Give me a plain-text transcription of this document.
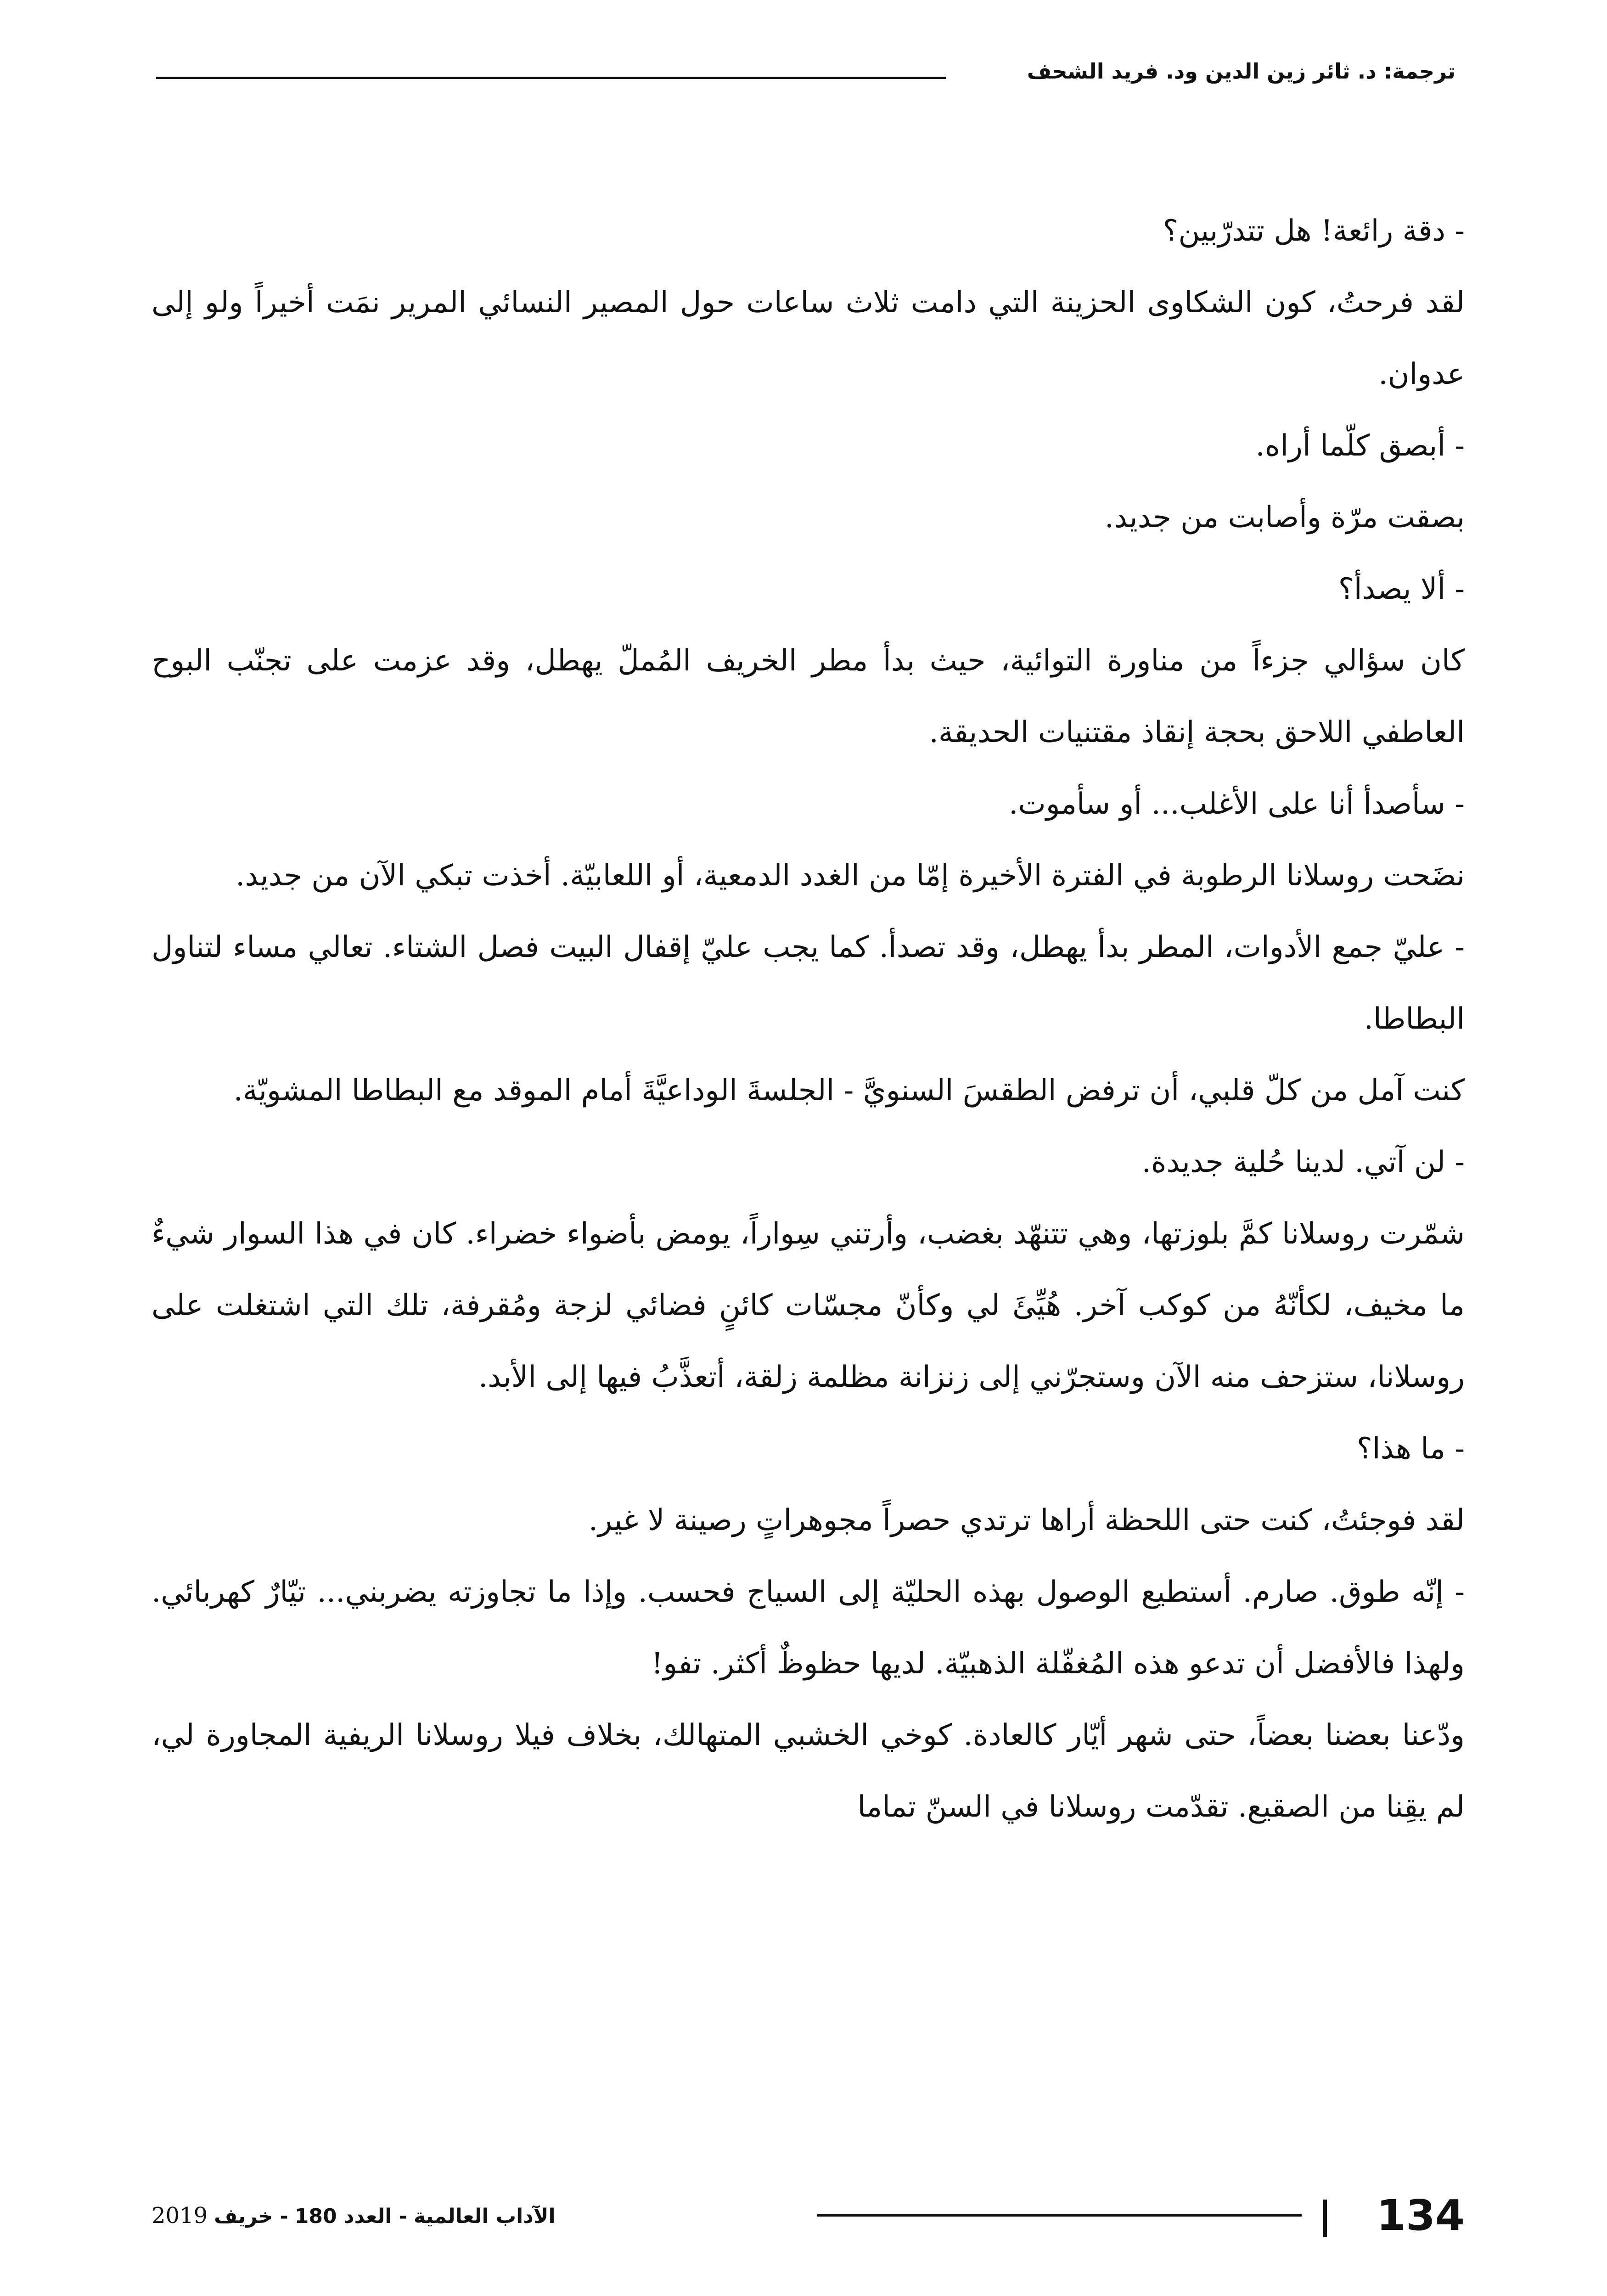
ترجمة: د. ثائر زين الدين ود. فريد الشحف

- دقة رائعة! هل تتدرّبين؟

لقد فرحتُ، كون الشكاوى الحزينة التي دامت ثلاث ساعات حول المصير النسائي المرير نمَت أخيراً ولو إلى عدوان.

- أبصق كلّما أراه.

بصقت مرّة وأصابت من جديد.

- ألا يصدأ؟

كان سؤالي جزءاً من مناورة التوائية، حيث بدأ مطر الخريف المُملّ يهطل، وقد عزمت على تجنّب البوح العاطفي اللاحق بحجة إنقاذ مقتنيات الحديقة.

- سأصدأ أنا على الأغلب... أو سأموت.

نضَحت روسلانا الرطوبة في الفترة الأخيرة إمّا من الغدد الدمعية، أو اللعابيّة. أخذت تبكي الآن من جديد.

- عليّ جمع الأدوات، المطر بدأ يهطل، وقد تصدأ. كما يجب عليّ إقفال البيت فصل الشتاء. تعالي مساء لتناول البطاطا.

كنت آمل من كلّ قلبي، أن ترفض الطقسَ السنويَّ - الجلسةَ الوداعيَّةَ أمام الموقد مع البطاطا المشويّة.

- لن آتي. لدينا حُلية جديدة.

شمّرت روسلانا كمَّ بلوزتها، وهي تتنهّد بغضب، وأرتني سِواراً، يومض بأضواء خضراء. كان في هذا السوار شيءٌ ما مخيف، لكأنّهُ من كوكب آخر. هُيِّئَ لي وكأنّ مجسّات كائنٍ فضائي لزجة ومُقرفة، تلك التي اشتغلت على روسلانا، ستزحف منه الآن وستجرّني إلى زنزانة مظلمة زلقة، أتعذَّبُ فيها إلى الأبد.

- ما هذا؟

لقد فوجئتُ، كنت حتى اللحظة أراها ترتدي حصراً مجوهراتٍ رصينة لا غير.

- إنّه طوق. صارم. أستطيع الوصول بهذه الحليّة إلى السياج فحسب. وإذا ما تجاوزته يضربني... تيّارٌ كهربائي. ولهذا فالأفضل أن تدعو هذه المُغفّلة الذهبيّة. لديها حظوظٌ أكثر. تفو!

ودّعنا بعضنا بعضاً، حتى شهر أيّار كالعادة. كوخي الخشبي المتهالك، بخلاف فيلا روسلانا الريفية المجاورة لي، لم يقِنا من الصقيع. تقدّمت روسلانا في السنّ تماما

134
الآداب العالمية - العدد 180 - خريف 2019
